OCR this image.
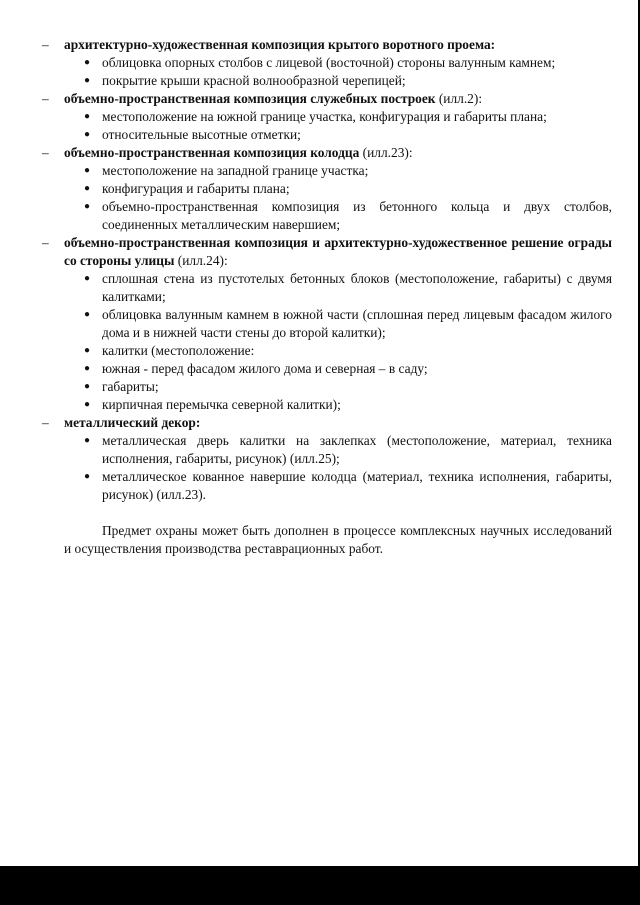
– архитектурно-художественная композиция крытого воротного проема:
● облицовка опорных столбов с лицевой (восточной) стороны валунным камнем;
● покрытие крыши красной волнообразной черепицей;
– объемно-пространственная композиция служебных построек (илл.2):
● местоположение на южной границе участка, конфигурация и габариты плана;
● относительные высотные отметки;
– объемно-пространственная композиция колодца (илл.23):
● местоположение на западной границе участка;
● конфигурация и габариты плана;
● объемно-пространственная композиция из бетонного кольца и двух столбов, соединенных металлическим навершием;
– объемно-пространственная композиция и архитектурно-художественное решение ограды со стороны улицы (илл.24):
● сплошная стена из пустотелых бетонных блоков (местоположение, габариты) с двумя калитками;
● облицовка валунным камнем в южной части (сплошная перед лицевым фасадом жилого дома и в нижней части стены до второй калитки);
● калитки (местоположение:
● южная - перед фасадом жилого дома и северная – в саду;
● габариты;
● кирпичная перемычка северной калитки);
– металлический декор:
● металлическая дверь калитки на заклепках (местоположение, материал, техника исполнения, габариты, рисунок) (илл.25);
● металлическое кованное навершие колодца (материал, техника исполнения, габариты, рисунок) (илл.23).

Предмет охраны может быть дополнен в процессе комплексных научных исследований и осуществления производства реставрационных работ.
